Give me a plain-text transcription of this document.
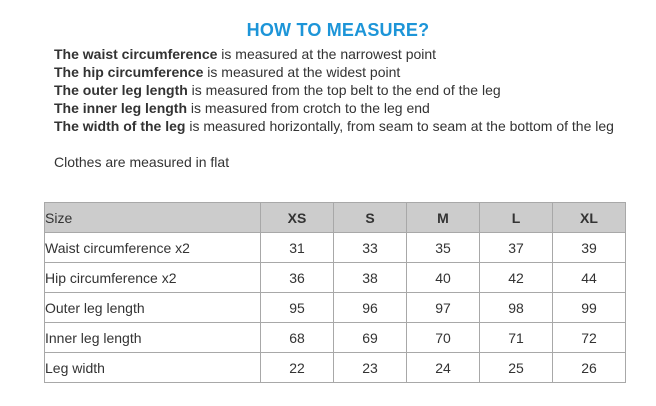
HOW TO MEASURE?
The waist circumference is measured at the narrowest point
The hip circumference is measured at the widest point
The outer leg length is measured from the top belt to the end of the leg
The inner leg length is measured from crotch to the leg end
The width of the leg is measured horizontally, from seam to seam at the bottom of the leg
Clothes are measured in flat
Size	XS	S	M	L	XL
Waist circumference x2	31	33	35	37	39
Hip circumference x2	36	38	40	42	44
Outer leg length	95	96	97	98	99
Inner leg length	68	69	70	71	72
Leg width	22	23	24	25	26
